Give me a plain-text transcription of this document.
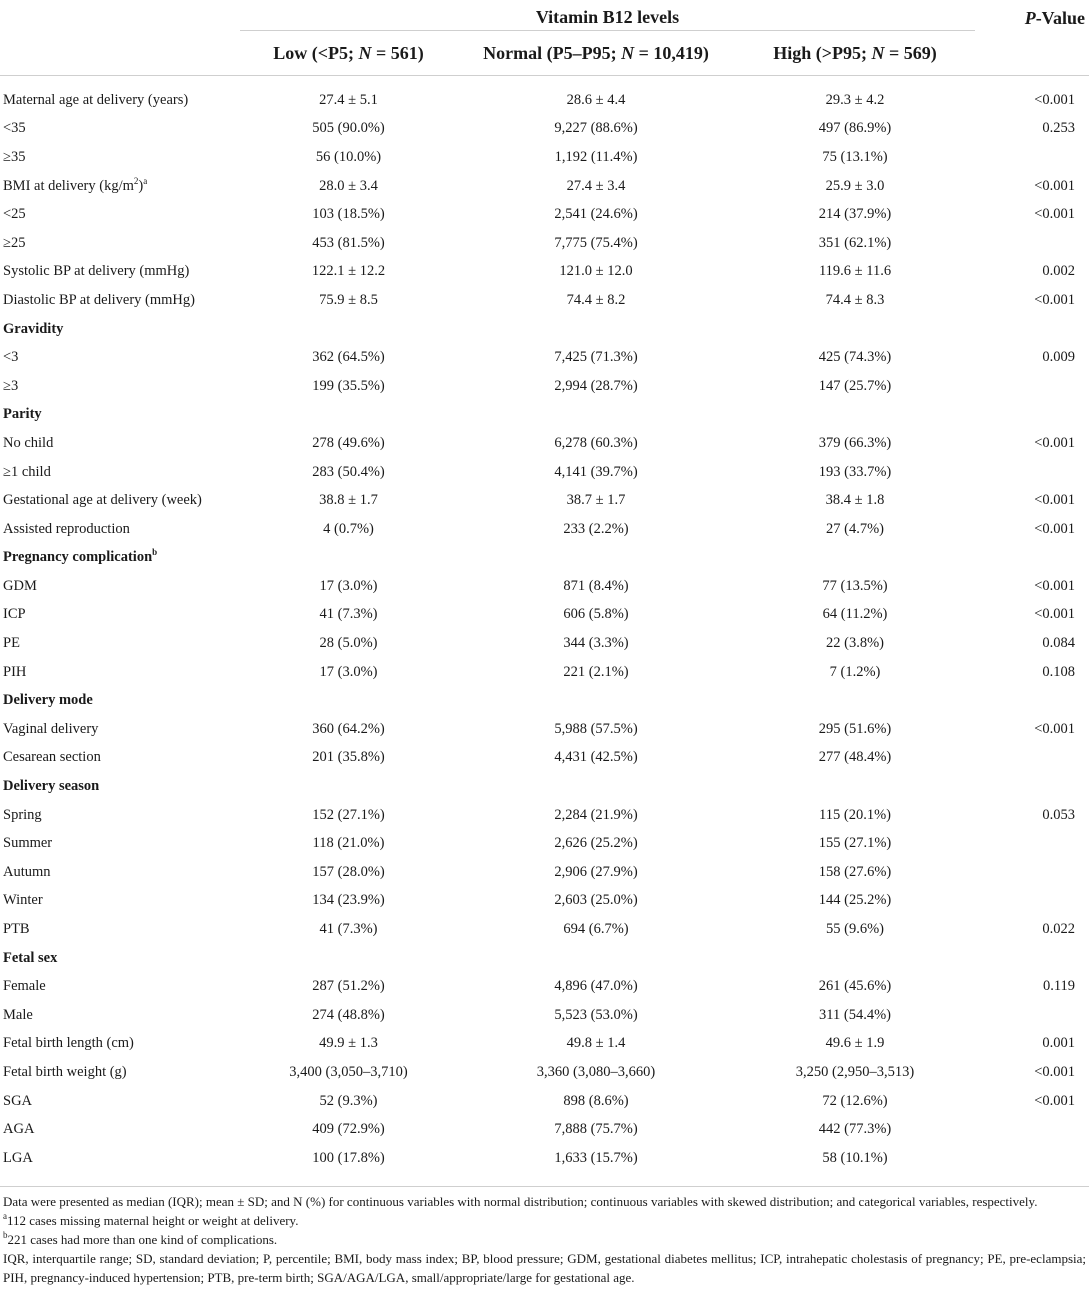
	Vitamin B12 levels			P-Value
	Low (<P5; N = 561)	Normal (P5–P95; N = 10,419)	High (>P95; N = 569)	

Maternal age at delivery (years)	27.4 ± 5.1	28.6 ± 4.4	29.3 ± 4.2	<0.001
<35	505 (90.0%)	9,227 (88.6%)	497 (86.9%)	0.253
≥35	56 (10.0%)	1,192 (11.4%)	75 (13.1%)	
BMI at delivery $(kg/m^2)^a$	28.0 ± 3.4	27.4 ± 3.4	25.9 ± 3.0	<0.001
<25	103 (18.5%)	2,541 (24.6%)	214 (37.9%)	<0.001
≥25	453 (81.5%)	7,775 (75.4%)	351 (62.1%)	
Systolic BP at delivery (mmHg)	122.1 ± 12.2	121.0 ± 12.0	119.6 ± 11.6	0.002
Diastolic BP at delivery (mmHg)	75.9 ± 8.5	74.4 ± 8.2	74.4 ± 8.3	<0.001
Gravidity				
<3	362 (64.5%)	7,425 (71.3%)	425 (74.3%)	0.009
≥3	199 (35.5%)	2,994 (28.7%)	147 (25.7%)	
Parity				
No child	278 (49.6%)	6,278 (60.3%)	379 (66.3%)	<0.001
≥1 child	283 (50.4%)	4,141 (39.7%)	193 (33.7%)	
Gestational age at delivery (week)	38.8 ± 1.7	38.7 ± 1.7	38.4 ± 1.8	<0.001
Assisted reproduction	4 (0.7%)	233 (2.2%)	27 (4.7%)	<0.001
Pregnancy complication$^b$				
GDM	17 (3.0%)	871 (8.4%)	77 (13.5%)	<0.001
ICP	41 (7.3%)	606 (5.8%)	64 (11.2%)	<0.001
PE	28 (5.0%)	344 (3.3%)	22 (3.8%)	0.084
PIH	17 (3.0%)	221 (2.1%)	7 (1.2%)	0.108
Delivery mode				
Vaginal delivery	360 (64.2%)	5,988 (57.5%)	295 (51.6%)	<0.001
Cesarean section	201 (35.8%)	4,431 (42.5%)	277 (48.4%)	
Delivery season				
Spring	152 (27.1%)	2,284 (21.9%)	115 (20.1%)	0.053
Summer	118 (21.0%)	2,626 (25.2%)	155 (27.1%)	
Autumn	157 (28.0%)	2,906 (27.9%)	158 (27.6%)	
Winter	134 (23.9%)	2,603 (25.0%)	144 (25.2%)	
PTB	41 (7.3%)	694 (6.7%)	55 (9.6%)	0.022
Fetal sex				
Female	287 (51.2%)	4,896 (47.0%)	261 (45.6%)	0.119
Male	274 (48.8%)	5,523 (53.0%)	311 (54.4%)	
Fetal birth length (cm)	49.9 ± 1.3	49.8 ± 1.4	49.6 ± 1.9	0.001
Fetal birth weight (g)	3,400 (3,050–3,710)	3,360 (3,080–3,660)	3,250 (2,950–3,513)	<0.001
SGA	52 (9.3%)	898 (8.6%)	72 (12.6%)	<0.001
AGA	409 (72.9%)	7,888 (75.7%)	442 (77.3%)	
LGA	100 (17.8%)	1,633 (15.7%)	58 (10.1%)	

Data were presented as median (IQR); mean ± SD; and N (%) for continuous variables with normal distribution; continuous variables with skewed distribution; and categorical variables, respectively.

$^a$112 cases missing maternal height or weight at delivery.

$^b$221 cases had more than one kind of complications.

IQR, interquartile range; SD, standard deviation; P, percentile; BMI, body mass index; BP, blood pressure; GDM, gestational diabetes mellitus; ICP, intrahepatic cholestasis of pregnancy; PE, pre-eclampsia; PIH, pregnancy-induced hypertension; PTB, pre-term birth; SGA/AGA/LGA, small/appropriate/large for gestational age.
